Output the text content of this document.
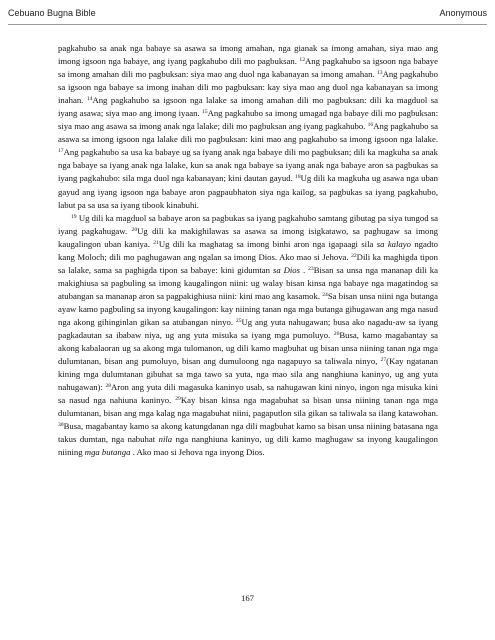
Cebuano Bugna Bible	Anonymous

pagkahubo sa anak nga babaye sa asawa sa imong amahan, nga gianak sa imong amahan, siya mao ang imong igsoon nga babaye, ang iyang pagkahubo dili mo pagbuksan. $^{12}$Ang pagkahubo sa igsoon nga babaye sa imong amahan dili mo pagbuksan: siya mao ang duol nga kabanayan sa imong amahan. $^{13}$Ang pagkahubo sa igsoon nga babaye sa imong inahan dili mo pagbuksan: kay siya mao ang duol nga kabanayan sa imong inahan. $^{14}$Ang pagkahubo sa igsoon nga lalake sa imong amahan dili mo pagbuksan: dili ka magduol sa iyang asawa; siya mao ang imong iyaan. $^{15}$Ang pagkahubo sa imong umagad nga babaye dili mo pagbuksan: siya mao ang asawa sa imong anak nga lalake; dili mo pagbuksan ang iyang pagkahubo. $^{16}$Ang pagkahubo sa asawa sa imong igsoon nga lalake dili mo pagbuksan: kini mao ang pagkahubo sa imong igsoon nga lalake. $^{17}$Ang pagkahubo sa usa ka babaye ug sa iyang anak nga babaye dili mo pagbuksan; dili ka magkuha sa anak nga babaye sa iyang anak nga lalake, kun sa anak nga babaye sa iyang anak nga babaye aron sa pagbukas sa iyang pagkahubo: sila mga duol nga kabanayan; kini dautan gayud. $^{18}$Ug dili ka magkuha ug asawa nga uban gayud ang iyang igsoon nga babaye aron pagpaubhaton siya nga kailog, sa pagbukas sa iyang pagkahubo, labut pa sa usa sa iyang tibook kinabuhi.

$^{19}$ Ug dili ka magduol sa babaye aron sa pagbukas sa iyang pagkahubo samtang gibutag pa siya tungod sa iyang pagkahugaw. $^{20}$Ug dili ka makighilawas sa asawa sa imong isigkatawo, sa paghugaw sa imong kaugalingon uban kaniya. $^{21}$Ug dili ka maghatag sa imong binhi aron nga igapaagi sila sa kalayo ngadto kang Moloch; dili mo paghugawan ang ngalan sa imong Dios. Ako mao si Jehova. $^{22}$Dili ka maghigda tipon sa lalake, sama sa paghigda tipon sa babaye: kini gidumtan sa Dios . $^{23}$Bisan sa unsa nga mananap dili ka makighiusa sa pagbuling sa imong kaugalingon niini: ug walay bisan kinsa nga babaye nga magatindog sa atubangan sa mananap aron sa pagpakighiusa niini: kini mao ang kasamok. $^{24}$Sa bisan unsa niini nga butanga ayaw kamo pagbuling sa inyong kaugalingon: kay niining tanan nga mga butanga gihugawan ang mga nasud nga akong gihinginlan gikan sa atubangan ninyo. $^{25}$Ug ang yuta nahugawan; busa ako nagadu-aw sa iyang pagkadautan sa ibabaw niya, ug ang yuta misuka sa iyang mga pumoluyo. $^{26}$Busa, kamo magabantay sa akong kabalaoran ug sa akong mga tulomanon, ug dili kamo magbuhat ug bisan unsa niining tanan nga mga dulumtanan, bisan ang pumoluyo, bisan ang dumuloong nga nagapuyo sa taliwala ninyo, $^{27}$(Kay ngatanan kining mga dulumtanan gibuhat sa mga tawo sa yuta, nga mao sila ang nanghiuna kaninyo, ug ang yuta nahugawan): $^{28}$Aron ang yuta dili magasuka kaninyo usab, sa nahugawan kini ninyo, ingon nga misuka kini sa nasud nga nahiuna kaninyo. $^{29}$Kay bisan kinsa nga magabuhat sa bisan unsa niining tanan nga mga dulumtanan, bisan ang mga kalag nga magabuhat niini, pagaputlon sila gikan sa taliwala sa ilang katawohan. $^{30}$Busa, magabantay kamo sa akong katungdanan nga dili magbuhat kamo sa bisan unsa niining batasana nga takus dumtan, nga nabuhat nila nga nanghiuna kaninyo, ug dili kamo maghugaw sa inyong kaugalingon niining mga butanga . Ako mao si Jehova nga inyong Dios.

167
